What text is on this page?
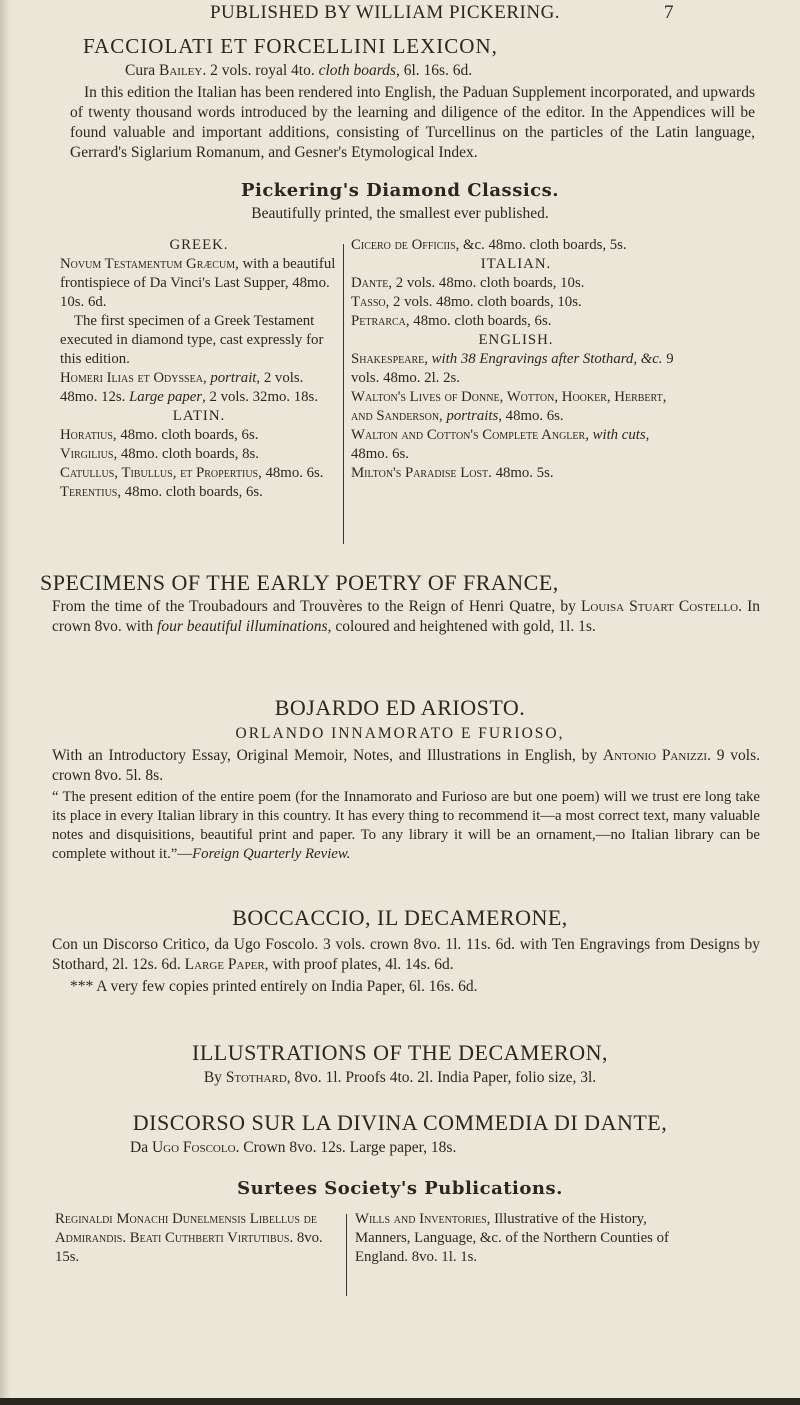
PUBLISHED BY WILLIAM PICKERING.	7
FACCIOLATI ET FORCELLINI LEXICON,
Cura Bailey. 2 vols. royal 4to. cloth boards, 6l. 16s. 6d.

In this edition the Italian has been rendered into English, the Paduan Supplement incorporated, and upwards of twenty thousand words introduced by the learning and diligence of the editor. In the Appendices will be found valuable and important additions, consisting of Turcellinus on the particles of the Latin language, Gerrard's Siglarium Romanum, and Gesner's Etymological Index.

Pickering's Diamond Classics.
Beautifully printed, the smallest ever published.

GREEK.

Novum Testamentum Græcum, with a beautiful frontispiece of Da Vinci's Last Supper, 48mo. 10s. 6d.

The first specimen of a Greek Testament executed in diamond type, cast expressly for this edition.

Homeri Ilias et Odyssea, portrait, 2 vols. 48mo. 12s. Large paper, 2 vols. 32mo. 18s.

LATIN.

Horatius, 48mo. cloth boards, 6s.

Virgilius, 48mo. cloth boards, 8s.

Catullus, Tibullus, et Propertius, 48mo. 6s.

Terentius, 48mo. cloth boards, 6s.

Cicero de Officiis, &c. 48mo. cloth boards, 5s.

ITALIAN.

Dante, 2 vols. 48mo. cloth boards, 10s.

Tasso, 2 vols. 48mo. cloth boards, 10s.

Petrarca, 48mo. cloth boards, 6s.

ENGLISH.

Shakespeare, with 38 Engravings after Stothard, &c. 9 vols. 48mo. 2l. 2s.

Walton's Lives of Donne, Wotton, Hooker, Herbert, and Sanderson, portraits, 48mo. 6s.

Walton and Cotton's Complete Angler, with cuts, 48mo. 6s.

Milton's Paradise Lost. 48mo. 5s.

SPECIMENS OF THE EARLY POETRY OF FRANCE,

From the time of the Troubadours and Trouvères to the Reign of Henri Quatre, by Louisa Stuart Costello. In crown 8vo. with four beautiful illuminations, coloured and heightened with gold, 1l. 1s.

BOJARDO ED ARIOSTO.
ORLANDO INNAMORATO E FURIOSO,

With an Introductory Essay, Original Memoir, Notes, and Illustrations in English, by Antonio Panizzi. 9 vols. crown 8vo. 5l. 8s.

“ The present edition of the entire poem (for the Innamorato and Furioso are but one poem) will we trust ere long take its place in every Italian library in this country. It has every thing to recommend it—a most correct text, many valuable notes and disquisitions, beautiful print and paper. To any library it will be an ornament,—no Italian library can be complete without it.”—Foreign Quarterly Review.

BOCCACCIO, IL DECAMERONE,

Con un Discorso Critico, da Ugo Foscolo. 3 vols. crown 8vo. 1l. 11s. 6d. with Ten Engravings from Designs by Stothard, 2l. 12s. 6d. Large Paper, with proof plates, 4l. 14s. 6d.

*** A very few copies printed entirely on India Paper, 6l. 16s. 6d.

ILLUSTRATIONS OF THE DECAMERON,

By Stothard, 8vo. 1l. Proofs 4to. 2l. India Paper, folio size, 3l.

DISCORSO SUR LA DIVINA COMMEDIA DI DANTE,

Da Ugo Foscolo. Crown 8vo. 12s. Large paper, 18s.

Surtees Society's Publications.

Reginaldi Monachi Dunelmensis Libellus de Admirandis. Beati Cuthberti Virtutibus. 8vo. 15s.

Wills and Inventories, Illustrative of the History, Manners, Language, &c. of the Northern Counties of England. 8vo. 1l. 1s.
